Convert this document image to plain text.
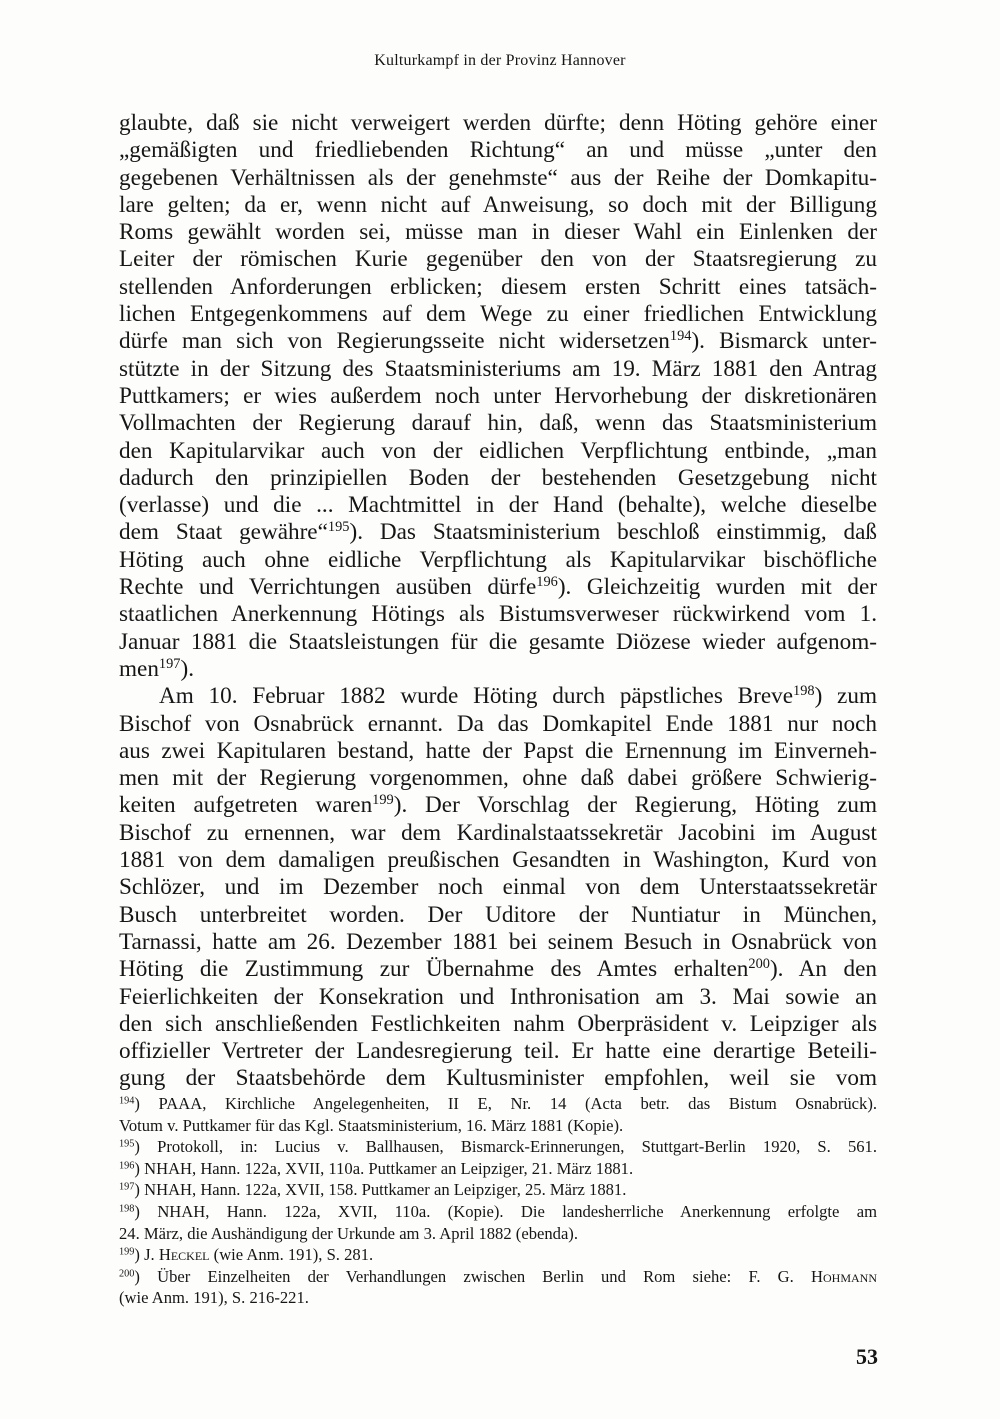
Kulturkampf in der Provinz Hannover
glaubte, daß sie nicht verweigert werden dürfte; denn Höting gehöre einer
„gemäßigten und friedliebenden Richtung“ an und müsse „unter den
gegebenen Verhältnissen als der genehmste“ aus der Reihe der Domkapitu-
lare gelten; da er, wenn nicht auf Anweisung, so doch mit der Billigung
Roms gewählt worden sei, müsse man in dieser Wahl ein Einlenken der
Leiter der römischen Kurie gegenüber den von der Staatsregierung zu
stellenden Anforderungen erblicken; diesem ersten Schritt eines tatsäch-
lichen Entgegenkommens auf dem Wege zu einer friedlichen Entwicklung
dürfe man sich von Regierungsseite nicht widersetzen$^{194}$). Bismarck unter-
stützte in der Sitzung des Staatsministeriums am 19. März 1881 den Antrag
Puttkamers; er wies außerdem noch unter Hervorhebung der diskretionären
Vollmachten der Regierung darauf hin, daß, wenn das Staatsministerium
den Kapitularvikar auch von der eidlichen Verpflichtung entbinde, „man
dadurch den prinzipiellen Boden der bestehenden Gesetzgebung nicht
(verlasse) und die ... Machtmittel in der Hand (behalte), welche dieselbe
dem Staat gewähre“$^{195}$). Das Staatsministerium beschloß einstimmig, daß
Höting auch ohne eidliche Verpflichtung als Kapitularvikar bischöfliche
Rechte und Verrichtungen ausüben dürfe$^{196}$). Gleichzeitig wurden mit der
staatlichen Anerkennung Hötings als Bistumsverweser rückwirkend vom 1.
Januar 1881 die Staatsleistungen für die gesamte Diözese wieder aufgenom-
men$^{197}$).
Am 10. Februar 1882 wurde Höting durch päpstliches Breve$^{198}$) zum
Bischof von Osnabrück ernannt. Da das Domkapitel Ende 1881 nur noch
aus zwei Kapitularen bestand, hatte der Papst die Ernennung im Einverneh-
men mit der Regierung vorgenommen, ohne daß dabei größere Schwierig-
keiten aufgetreten waren$^{199}$). Der Vorschlag der Regierung, Höting zum
Bischof zu ernennen, war dem Kardinalstaatssekretär Jacobini im August
1881 von dem damaligen preußischen Gesandten in Washington, Kurd von
Schlözer, und im Dezember noch einmal von dem Unterstaatssekretär
Busch unterbreitet worden. Der Uditore der Nuntiatur in München,
Tarnassi, hatte am 26. Dezember 1881 bei seinem Besuch in Osnabrück von
Höting die Zustimmung zur Übernahme des Amtes erhalten$^{200}$). An den
Feierlichkeiten der Konsekration und Inthronisation am 3. Mai sowie an
den sich anschließenden Festlichkeiten nahm Oberpräsident v. Leipziger als
offizieller Vertreter der Landesregierung teil. Er hatte eine derartige Beteili-
gung der Staatsbehörde dem Kultusminister empfohlen, weil sie vom
$^{194}$) PAAA, Kirchliche Angelegenheiten, II E, Nr. 14 (Acta betr. das Bistum Osnabrück).
Votum v. Puttkamer für das Kgl. Staatsministerium, 16. März 1881 (Kopie).
$^{195}$) Protokoll, in: Lucius v. Ballhausen, Bismarck-Erinnerungen, Stuttgart-Berlin 1920, S. 561.
$^{196}$) NHAH, Hann. 122a, XVII, 110a. Puttkamer an Leipziger, 21. März 1881.
$^{197}$) NHAH, Hann. 122a, XVII, 158. Puttkamer an Leipziger, 25. März 1881.
$^{198}$) NHAH, Hann. 122a, XVII, 110a. (Kopie). Die landesherrliche Anerkennung erfolgte am
24. März, die Aushändigung der Urkunde am 3. April 1882 (ebenda).
$^{199}$) J. Heckel (wie Anm. 191), S. 281.
$^{200}$) Über Einzelheiten der Verhandlungen zwischen Berlin und Rom siehe: F. G. Hohmann
(wie Anm. 191), S. 216-221.
53
